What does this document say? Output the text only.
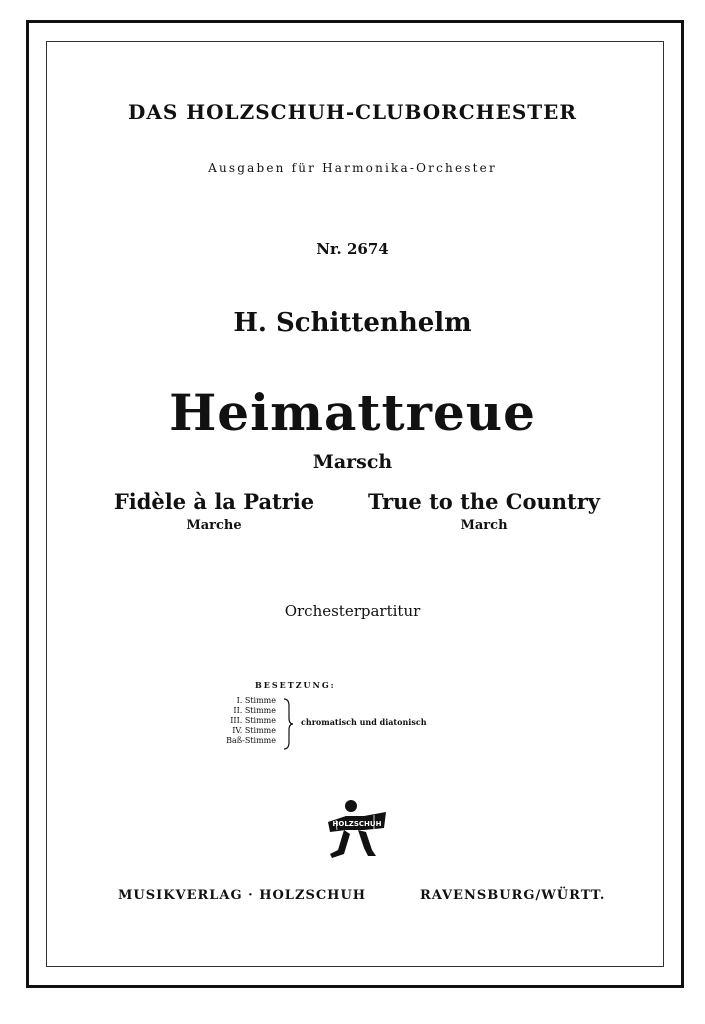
DAS HOLZSCHUH-CLUBORCHESTER
Ausgaben für Harmonika-Orchester
Nr. 2674
H. Schittenhelm
Heimattreue
Marsch
Fidèle à la Patrie
Marche
True to the Country
March
Orchesterpartitur
BESETZUNG:
I. Stimme
II. Stimme
III. Stimme
IV. Stimme
Baß-Stimme
chromatisch und diatonisch
HOLZSCHUH
MUSIKVERLAG · HOLZSCHUH	RAVENSBURG/WÜRTT.
